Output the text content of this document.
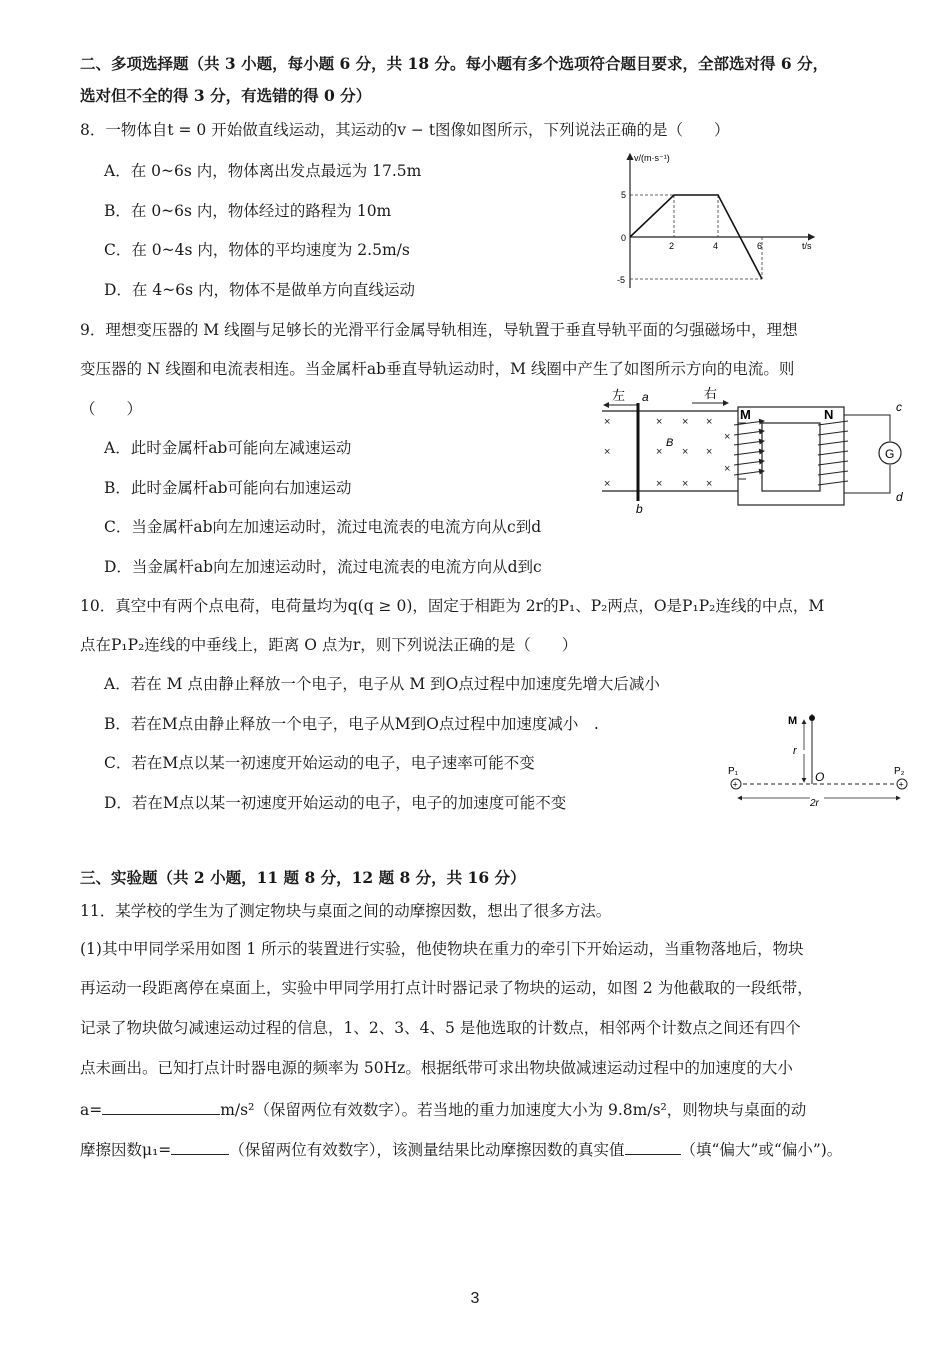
二、多项选择题（共 3 小题，每小题 6 分，共 18 分。每小题有多个选项符合题目要求，全部选对得 6 分，
选对但不全的得 3 分，有选错的得 0 分）
8．一物体自t = 0 开始做直线运动，其运动的v − t图像如图所示，下列说法正确的是（　　）
A．在 0~6s 内，物体离出发点最远为 17.5m
B．在 0~6s 内，物体经过的路程为 10m
C．在 0~4s 内，物体的平均速度为 2.5m/s
D．在 4~6s 内，物体不是做单方向直线运动
v/(m·s⁻¹)
t/s
0
5
-5
2	4	6
9．理想变压器的 M 线圈与足够长的光滑平行金属导轨相连，导轨置于垂直导轨平面的匀强磁场中，理想
变压器的 N 线圈和电流表相连。当金属杆ab垂直导轨运动时，M 线圈中产生了如图所示方向的电流。则
（　　）
A．此时金属杆ab可能向左减速运动
B．此时金属杆ab可能向右加速运动
C．当金属杆ab向左加速运动时，流过电流表的电流方向从c到d
D．当金属杆ab向左加速运动时，流过电流表的电流方向从d到c
左	右
×
×
×
×
×
×
×
×
×
×
×
×
×
×
B
a
b
M	N
G
c
d
10．真空中有两个点电荷，电荷量均为q(q ≥ 0)，固定于相距为 2r的P₁、P₂两点，O是P₁P₂连线的中点，M
点在P₁P₂连线的中垂线上，距离 O 点为r，则下列说法正确的是（　　）
A．若在 M 点由静止释放一个电子，电子从 M 到O点过程中加速度先增大后减小
B．若在M点由静止释放一个电子，电子从M到O点过程中加速度减小　.
C．若在M点以某一初速度开始运动的电子，电子速率可能不变
D．若在M点以某一初速度开始运动的电子，电子的加速度可能不变
M
r
O
+
P₁
+
P₂
2r
三、实验题（共 2 小题，11 题 8 分，12 题 8 分，共 16 分）
11．某学校的学生为了测定物块与桌面之间的动摩擦因数，想出了很多方法。
(1)其中甲同学采用如图 1 所示的装置进行实验，他使物块在重力的牵引下开始运动，当重物落地后，物块
再运动一段距离停在桌面上，实验中甲同学用打点计时器记录了物块的运动，如图 2 为他截取的一段纸带，
记录了物块做匀减速运动过程的信息，1、2、3、4、5 是他选取的计数点，相邻两个计数点之间还有四个
点未画出。已知打点计时器电源的频率为 50Hz。根据纸带可求出物块做减速运动过程中的加速度的大小
a=	m/s²（保留两位有效数字）。若当地的重力加速度大小为 9.8m/s²，则物块与桌面的动
摩擦因数μ₁=	（保留两位有效数字），该测量结果比动摩擦因数的真实值	（填“偏大”或“偏小”)。
3
